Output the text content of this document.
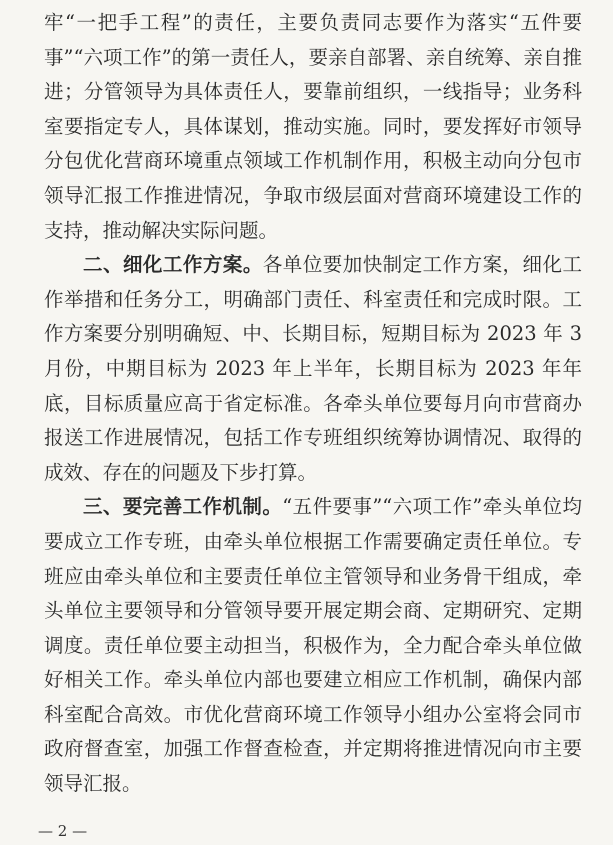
牢“一把手工程”的责任，主要负责同志要作为落实“五件要事”“六项工作”的第一责任人，要亲自部署、亲自统筹、亲自推进；分管领导为具体责任人，要靠前组织，一线指导；业务科室要指定专人，具体谋划，推动实施。同时，要发挥好市领导分包优化营商环境重点领域工作机制作用，积极主动向分包市领导汇报工作推进情况，争取市级层面对营商环境建设工作的支持，推动解决实际问题。

二、细化工作方案。各单位要加快制定工作方案，细化工作举措和任务分工，明确部门责任、科室责任和完成时限。工作方案要分别明确短、中、长期目标，短期目标为 2023 年 3 月份，中期目标为 2023 年上半年，长期目标为 2023 年年底，目标质量应高于省定标准。各牵头单位要每月向市营商办报送工作进展情况，包括工作专班组织统筹协调情况、取得的成效、存在的问题及下步打算。

三、要完善工作机制。“五件要事”“六项工作”牵头单位均要成立工作专班，由牵头单位根据工作需要确定责任单位。专班应由牵头单位和主要责任单位主管领导和业务骨干组成，牵头单位主要领导和分管领导要开展定期会商、定期研究、定期调度。责任单位要主动担当，积极作为，全力配合牵头单位做好相关工作。牵头单位内部也要建立相应工作机制，确保内部科室配合高效。市优化营商环境工作领导小组办公室将会同市政府督查室，加强工作督查检查，并定期将推进情况向市主要领导汇报。

— 2 —
